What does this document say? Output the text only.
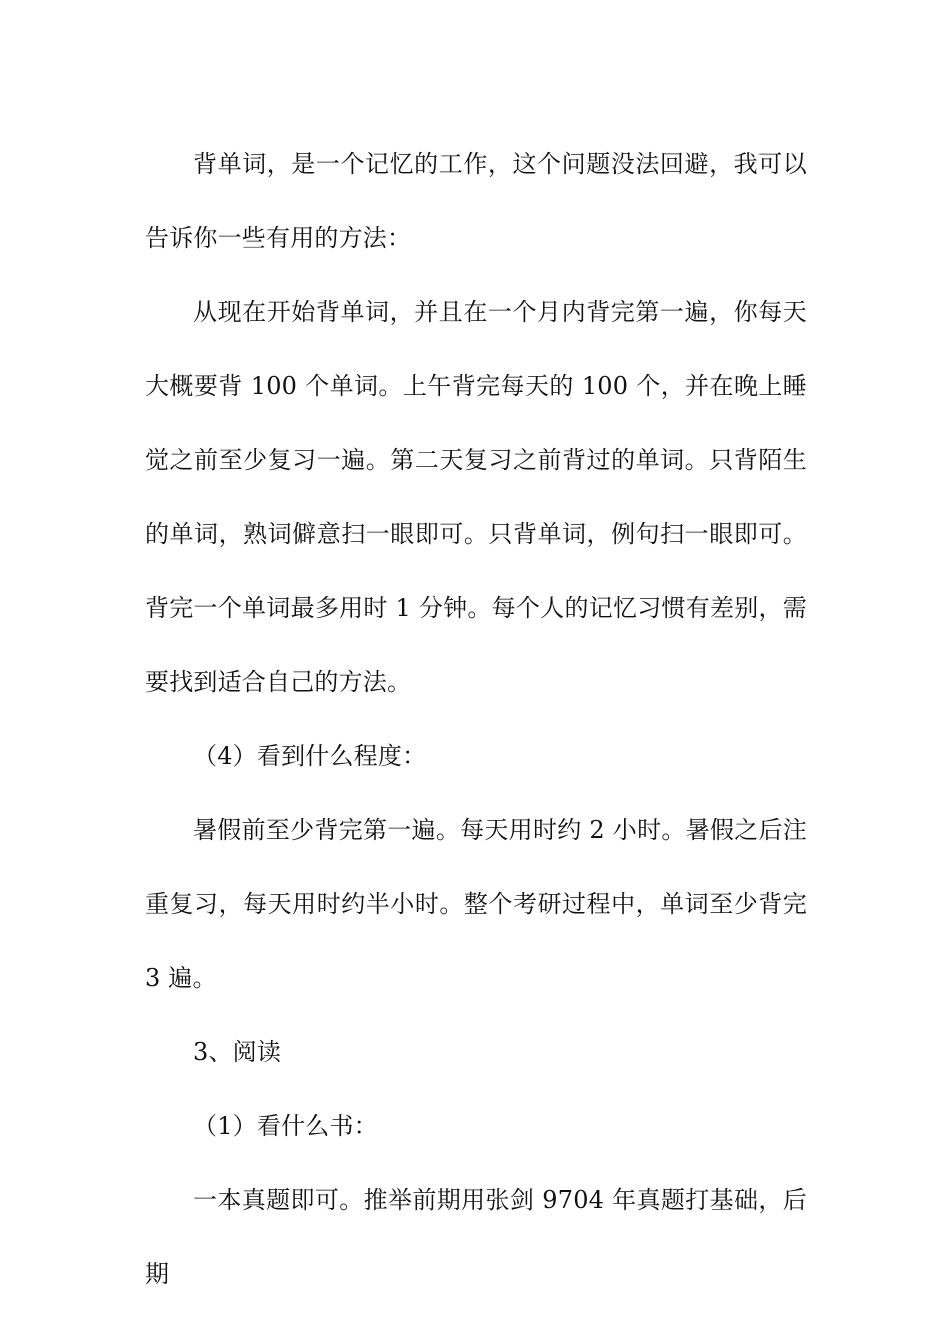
背单词，是一个记忆的工作，这个问题没法回避，我可以告诉你一些有用的方法：

从现在开始背单词，并且在一个月内背完第一遍，你每天大概要背 100 个单词。上午背完每天的 100 个，并在晚上睡觉之前至少复习一遍。第二天复习之前背过的单词。只背陌生的单词，熟词僻意扫一眼即可。只背单词，例句扫一眼即可。背完一个单词最多用时 1 分钟。每个人的记忆习惯有差别，需要找到适合自己的方法。

（4）看到什么程度：

暑假前至少背完第一遍。每天用时约 2 小时。暑假之后注重复习，每天用时约半小时。整个考研过程中，单词至少背完 3 遍。

3、阅读

（1）看什么书：

一本真题即可。推举前期用张剑 9704 年真题打基础，后期
